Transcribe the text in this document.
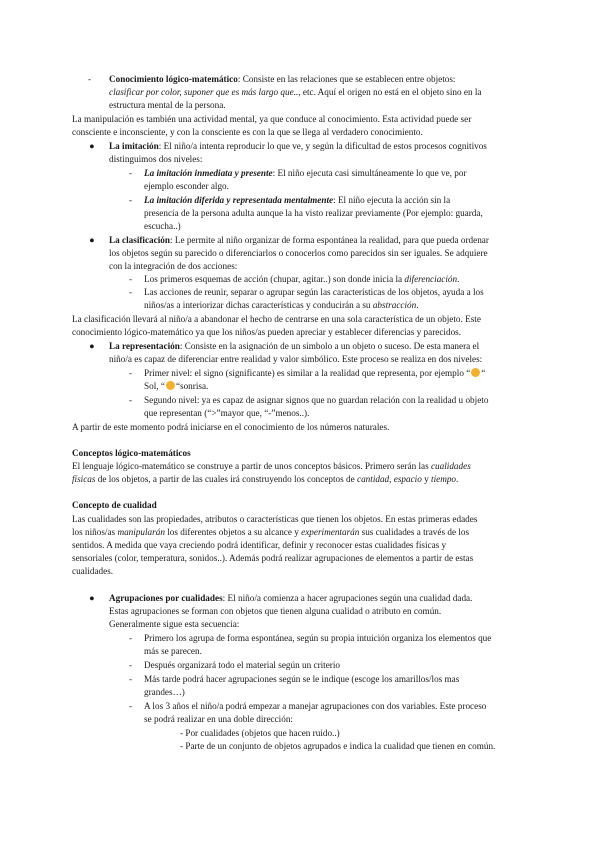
- Conocimiento lógico-matemático: Consiste en las relaciones que se establecen entre objetos:
clasificar por color, suponer que es más largo que.., etc. Aquí el origen no está en el objeto sino en la
estructura mental de la persona.
La manipulación es también una actividad mental, ya que conduce al conocimiento. Esta actividad puede ser
consciente e inconsciente, y con la consciente es con la que se llega al verdadero conocimiento.
● La imitación: El niño/a intenta reproducir lo que ve, y según la dificultad de estos procesos cognitivos
distinguimos dos niveles:
- La imitación inmediata y presente: El niño ejecuta casi simultáneamente lo que ve, por
ejemplo esconder algo.
- La imitación diferida y representada mentalmente: El niño ejecuta la acción sin la
presencia de la persona adulta aunque la ha visto realizar previamente (Por ejemplo: guarda,
escucha..)
● La clasificación: Le permite al niño organizar de forma espontánea la realidad, para que pueda ordenar
los objetos según su parecido o diferenciarlos o conocerlos como parecidos sin ser iguales. Se adquiere
con la integración de dos acciones:
- Los primeros esquemas de acción (chupar, agitar..) son donde inicia la diferenciación.
- Las acciones de reunir, separar o agrupar según las características de los objetos, ayuda a los
niños/as a interiorizar dichas características y conducirán a su abstracción.
La clasificación llevará al niño/a a abandonar el hecho de centrarse en una sola característica de un objeto. Este
conocimiento lógico-matemático ya que los niños/as pueden apreciar y establecer diferencias y parecidos.
● La representación: Consiste en la asignación de un símbolo a un objeto o suceso. De esta manera el
niño/a es capaz de diferenciar entre realidad y valor simbólico. Este proceso se realiza en dos niveles:
- Primer nivel: el signo (significante) es similar a la realidad que representa, por ejemplo “ “
Sol, “ “sonrisa.
- Segundo nivel: ya es capaz de asignar signos que no guardan relación con la realidad u objeto
que representan (“>”mayor que, “-”menos..).
A partir de este momento podrá iniciarse en el conocimiento de los números naturales.
Conceptos lógico-matemáticos
El lenguaje lógico-matemático se construye a partir de unos conceptos básicos. Primero serán las cualidades
físicas de los objetos, a partir de las cuales irá construyendo los conceptos de cantidad, espacio y tiempo.
Concepto de cualidad
Las cualidades son las propiedades, atributos o características que tienen los objetos. En estas primeras edades
los niños/as manipularán los diferentes objetos a su alcance y experimentarán sus cualidades a través de los
sentidos. A medida que vaya creciendo podrá identificar, definir y reconocer estas cualidades físicas y
sensoriales (color, temperatura, sonidos..). Además podrá realizar agrupaciones de elementos a partir de estas
cualidades.
● Agrupaciones por cualidades: El niño/a comienza a hacer agrupaciones según una cualidad dada.
Estas agrupaciones se forman con objetos que tienen alguna cualidad o atributo en común.
Generalmente sigue esta secuencia:
- Primero los agrupa de forma espontánea, según su propia intuición organiza los elementos que
más se parecen.
- Después organizará todo el material según un criterio
- Más tarde podrá hacer agrupaciones según se le indique (escoge los amarillos/los mas
grandes…)
- A los 3 años el niño/a podrá empezar a manejar agrupaciones con dos variables. Este proceso
se podrá realizar en una doble dirección:
- Por cualidades (objetos que hacen ruido..)
- Parte de un conjunto de objetos agrupados e indica la cualidad que tienen en común.
